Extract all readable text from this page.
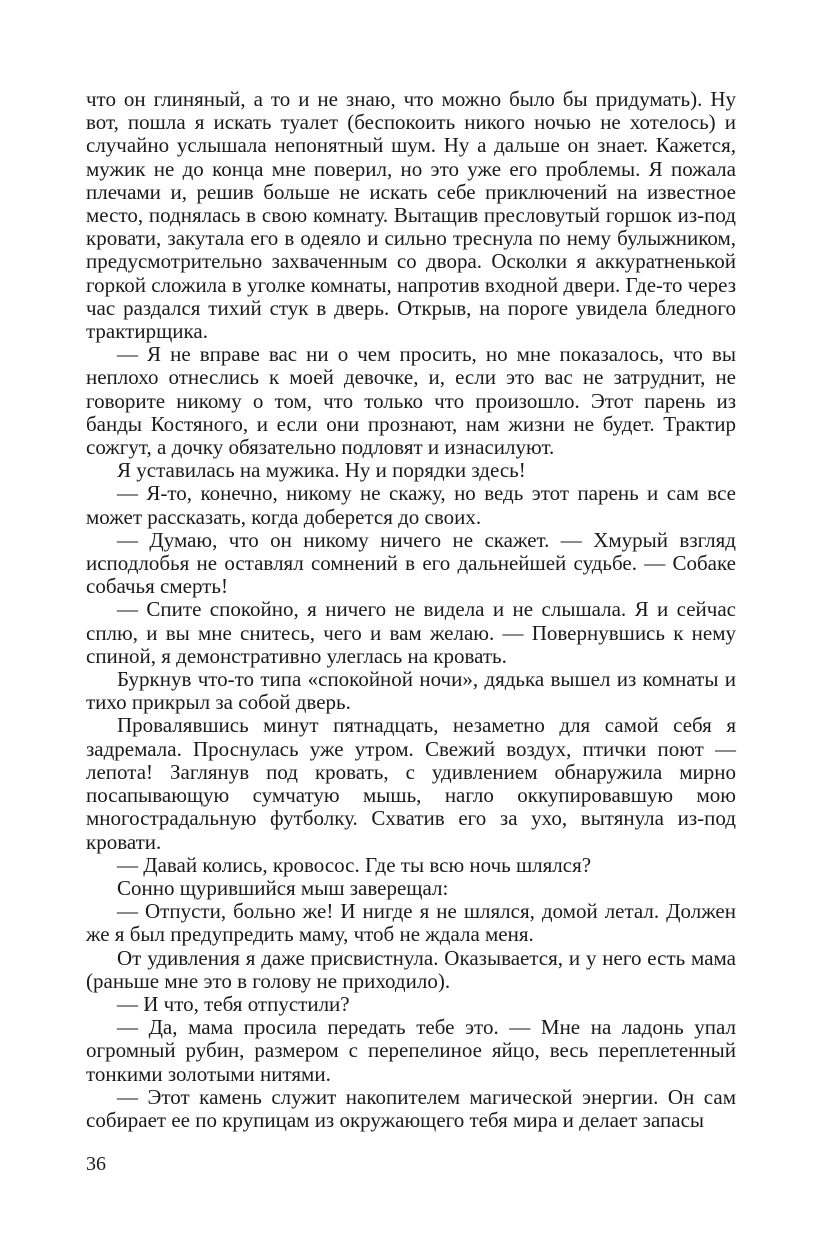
что он глиняный, а то и не знаю, что можно было бы придумать). Ну вот, пошла я искать туалет (беспокоить никого ночью не хотелось) и случайно услышала непонятный шум. Ну а дальше он знает. Кажется, мужик не до конца мне поверил, но это уже его проблемы. Я пожала плечами и, решив больше не искать себе приключений на известное место, поднялась в свою комнату. Вытащив пресловутый горшок из-под кровати, закутала его в одеяло и сильно треснула по нему булыжником, предусмотрительно захваченным со двора. Осколки я аккуратненькой горкой сложила в уголке комнаты, напротив входной двери. Где-то через час раздался тихий стук в дверь. Открыв, на пороге увидела бледного трактирщика.

— Я не вправе вас ни о чем просить, но мне показалось, что вы неплохо отнеслись к моей девочке, и, если это вас не затруднит, не говорите никому о том, что только что произошло. Этот парень из банды Костяного, и если они прознают, нам жизни не будет. Трактир сожгут, а дочку обязательно подловят и изнасилуют.

Я уставилась на мужика. Ну и порядки здесь!

— Я-то, конечно, никому не скажу, но ведь этот парень и сам все может рассказать, когда доберется до своих.

— Думаю, что он никому ничего не скажет. — Хмурый взгляд исподлобья не оставлял сомнений в его дальнейшей судьбе. — Собаке собачья смерть!

— Спите спокойно, я ничего не видела и не слышала. Я и сейчас сплю, и вы мне снитесь, чего и вам желаю. — Повернувшись к нему спиной, я демонстративно улеглась на кровать.

Буркнув что-то типа «спокойной ночи», дядька вышел из комнаты и тихо прикрыл за собой дверь.

Провалявшись минут пятнадцать, незаметно для самой себя я задремала. Проснулась уже утром. Свежий воздух, птички поют — лепота! Заглянув под кровать, с удивлением обнаружила мирно посапывающую сумчатую мышь, нагло оккупировавшую мою многострадальную футболку. Схватив его за ухо, вытянула из-под кровати.

— Давай колись, кровосос. Где ты всю ночь шлялся?

Сонно щурившийся мыш заверещал:

— Отпусти, больно же! И нигде я не шлялся, домой летал. Должен же я был предупредить маму, чтоб не ждала меня.

От удивления я даже присвистнула. Оказывается, и у него есть мама (раньше мне это в голову не приходило).

— И что, тебя отпустили?

— Да, мама просила передать тебе это. — Мне на ладонь упал огромный рубин, размером с перепелиное яйцо, весь переплетенный тонкими золотыми нитями.

— Этот камень служит накопителем магической энергии. Он сам собирает ее по крупицам из окружающего тебя мира и делает запасы

36
